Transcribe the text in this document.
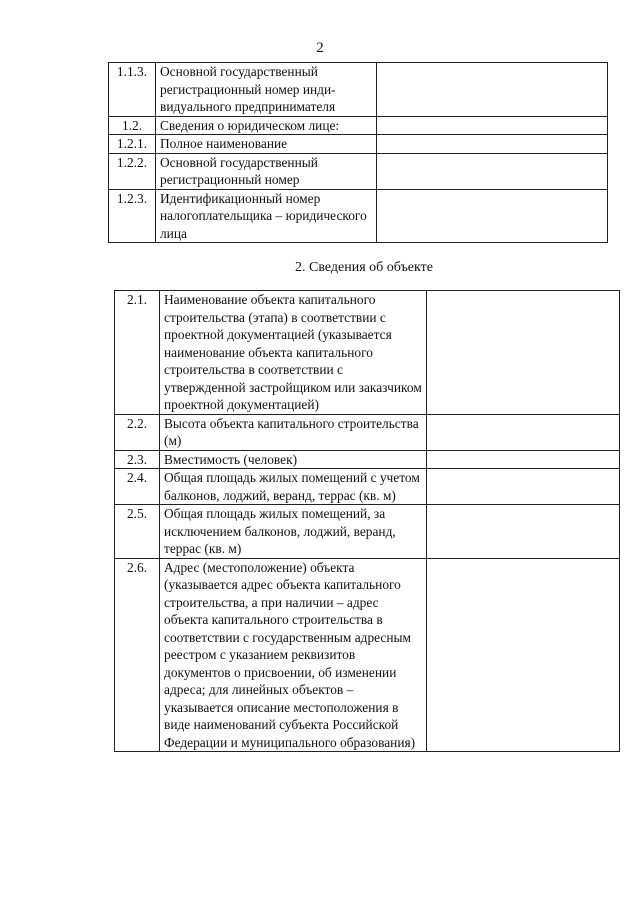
2
1.1.3.	Основной государственный регистрационный номер инди-видуального предпринимателя	
1.2.	Сведения о юридическом лице:	
1.2.1.	Полное наименование	
1.2.2.	Основной государственный регистрационный номер	
1.2.3.	Идентификационный номер налогоплательщика – юридического лица	
2. Сведения об объекте
2.1.	Наименование объекта капитального строительства (этапа) в соответствии с проектной документацией (указывается наименование объекта капитального строительства в соответствии с утвержденной застройщиком или заказчиком проектной документацией)	
2.2.	Высота объекта капитального строительства (м)	
2.3.	Вместимость (человек)	
2.4.	Общая площадь жилых помещений с учетом балконов, лоджий, веранд, террас (кв. м)	
2.5.	Общая площадь жилых помещений, за исключением балконов, лоджий, веранд, террас (кв. м)	
2.6.	Адрес (местоположение) объекта (указывается адрес объекта капитального строительства, а при наличии – адрес объекта капитального строительства в соответствии с государственным адресным реестром с указанием реквизитов документов о присвоении, об изменении адреса; для линейных объектов – указывается описание местоположения в виде наименований субъекта Российской Федерации и муниципального образования)	
